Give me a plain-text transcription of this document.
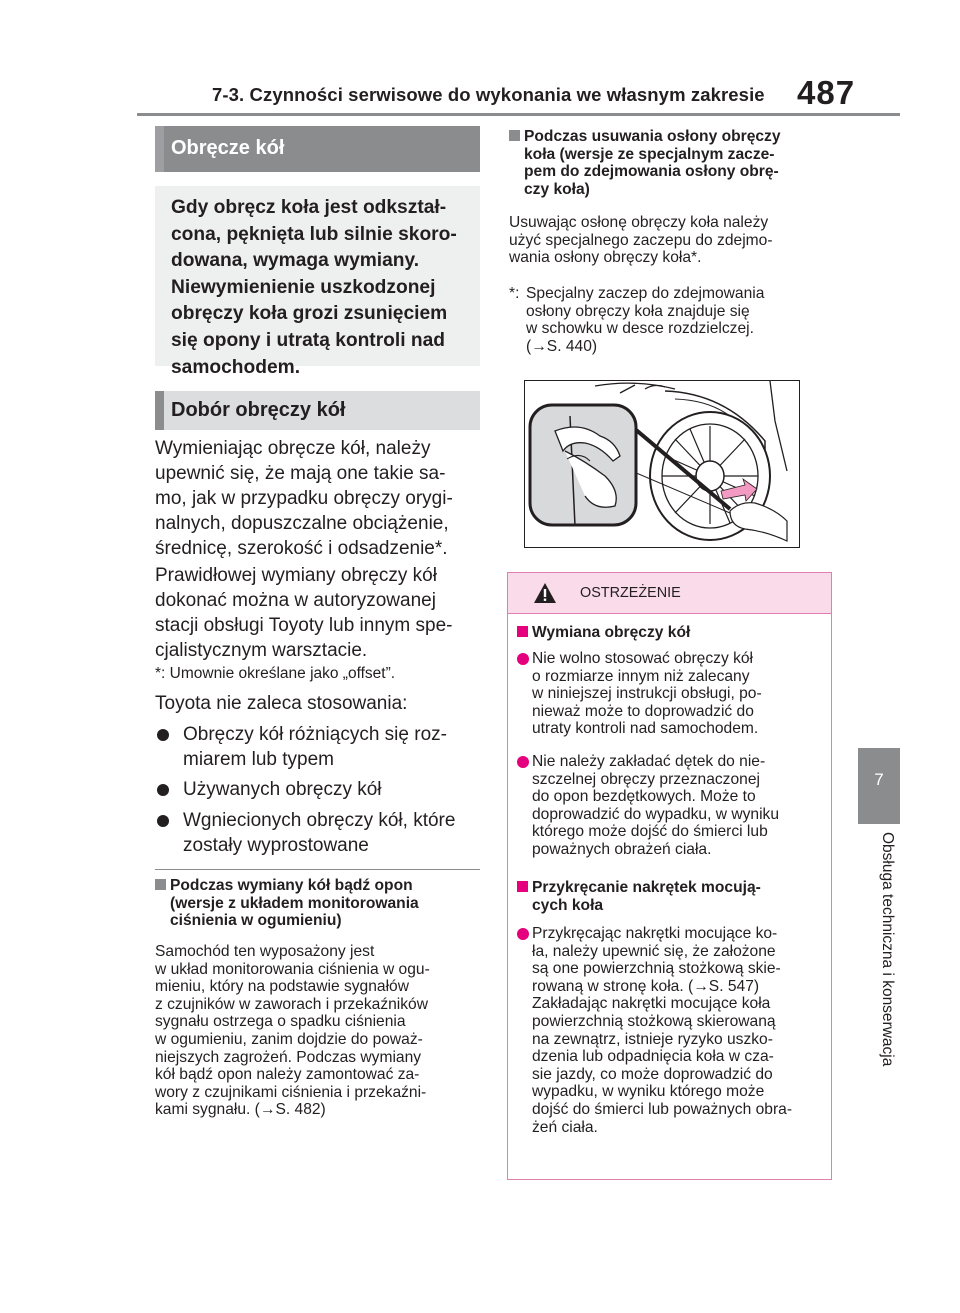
7-3. Czynności serwisowe do wykonania we własnym zakresie 487
7
Obsługa techniczna i konserwacja
Obręcze kół
Gdy obręcz koła jest odkształ-
cona, pęknięta lub silnie skoro-
dowana, wymaga wymiany.
Niewymienienie uszkodzonej
obręczy koła grozi zsunięciem
się opony i utratą kontroli nad
samochodem.
Dobór obręczy kół
Wymieniając obręcze kół, należy
upewnić się, że mają one takie sa-
mo, jak w przypadku obręczy orygi-
nalnych, dopuszczalne obciążenie,
średnicę, szerokość i odsadzenie*.
Prawidłowej wymiany obręczy kół
dokonać można w autoryzowanej
stacji obsługi Toyoty lub innym spe-
cjalistycznym warsztacie.
*: Umownie określane jako „offset”.
Toyota nie zaleca stosowania:
Obręczy kół różniących się roz-
miarem lub typem
Używanych obręczy kół
Wgniecionych obręczy kół, które
zostały wyprostowane
Podczas wymiany kół bądź opon
(wersje z układem monitorowania
ciśnienia w ogumieniu)
Samochód ten wyposażony jest
w układ monitorowania ciśnienia w ogu-
mieniu, który na podstawie sygnałów
z czujników w zaworach i przekaźników
sygnału ostrzega o spadku ciśnienia
w ogumieniu, zanim dojdzie do poważ-
niejszych zagrożeń. Podczas wymiany
kół bądź opon należy zamontować za-
wory z czujnikami ciśnienia i przekaźni-
kami sygnału. (→S. 482)
Podczas usuwania osłony obręczy
koła (wersje ze specjalnym zacze-
pem do zdejmowania osłony obrę-
czy koła)
Usuwając osłonę obręczy koła należy
użyć specjalnego zaczepu do zdejmo-
wania osłony obręczy koła*.
*: Specjalny zaczep do zdejmowania
osłony obręczy koła znajduje się
w schowku w desce rozdzielczej.
(→S. 440)
OSTRZEŻENIE
Wymiana obręczy kół
Nie wolno stosować obręczy kół
o rozmiarze innym niż zalecany
w niniejszej instrukcji obsługi, po-
nieważ może to doprowadzić do
utraty kontroli nad samochodem.
Nie należy zakładać dętek do nie-
szczelnej obręczy przeznaczonej
do opon bezdętkowych. Może to
doprowadzić do wypadku, w wyniku
którego może dojść do śmierci lub
poważnych obrażeń ciała.
Przykręcanie nakrętek mocują-
cych koła
Przykręcając nakrętki mocujące ko-
ła, należy upewnić się, że założone
są one powierzchnią stożkową skie-
rowaną w stronę koła. (→S. 547)
Zakładając nakrętki mocujące koła
powierzchnią stożkową skierowaną
na zewnątrz, istnieje ryzyko uszko-
dzenia lub odpadnięcia koła w cza-
sie jazdy, co może doprowadzić do
wypadku, w wyniku którego może
dojść do śmierci lub poważnych obra-
żeń ciała.
